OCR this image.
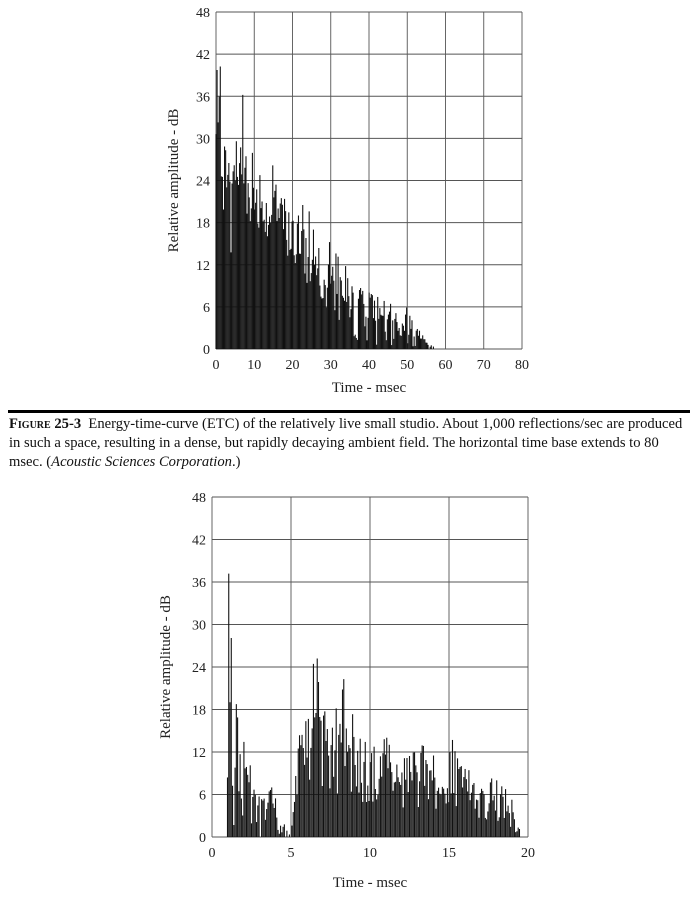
0
6
12
18
24
30
36
42
48
0 10 20 30 40 50 60 70 80
Time - msec
Relative amplitude - dB
Figure 25-3 Energy-time-curve (ETC) of the relatively live small studio. About 1,000 reflections/sec are produced in such a space, resulting in a dense, but rapidly decaying ambient field. The horizontal time base extends to 80 msec. (Acoustic Sciences Corporation.)
0
6
12
18
24
30
36
42
48
0	5	10	15	20
Time - msec
Relative amplitude - dB
